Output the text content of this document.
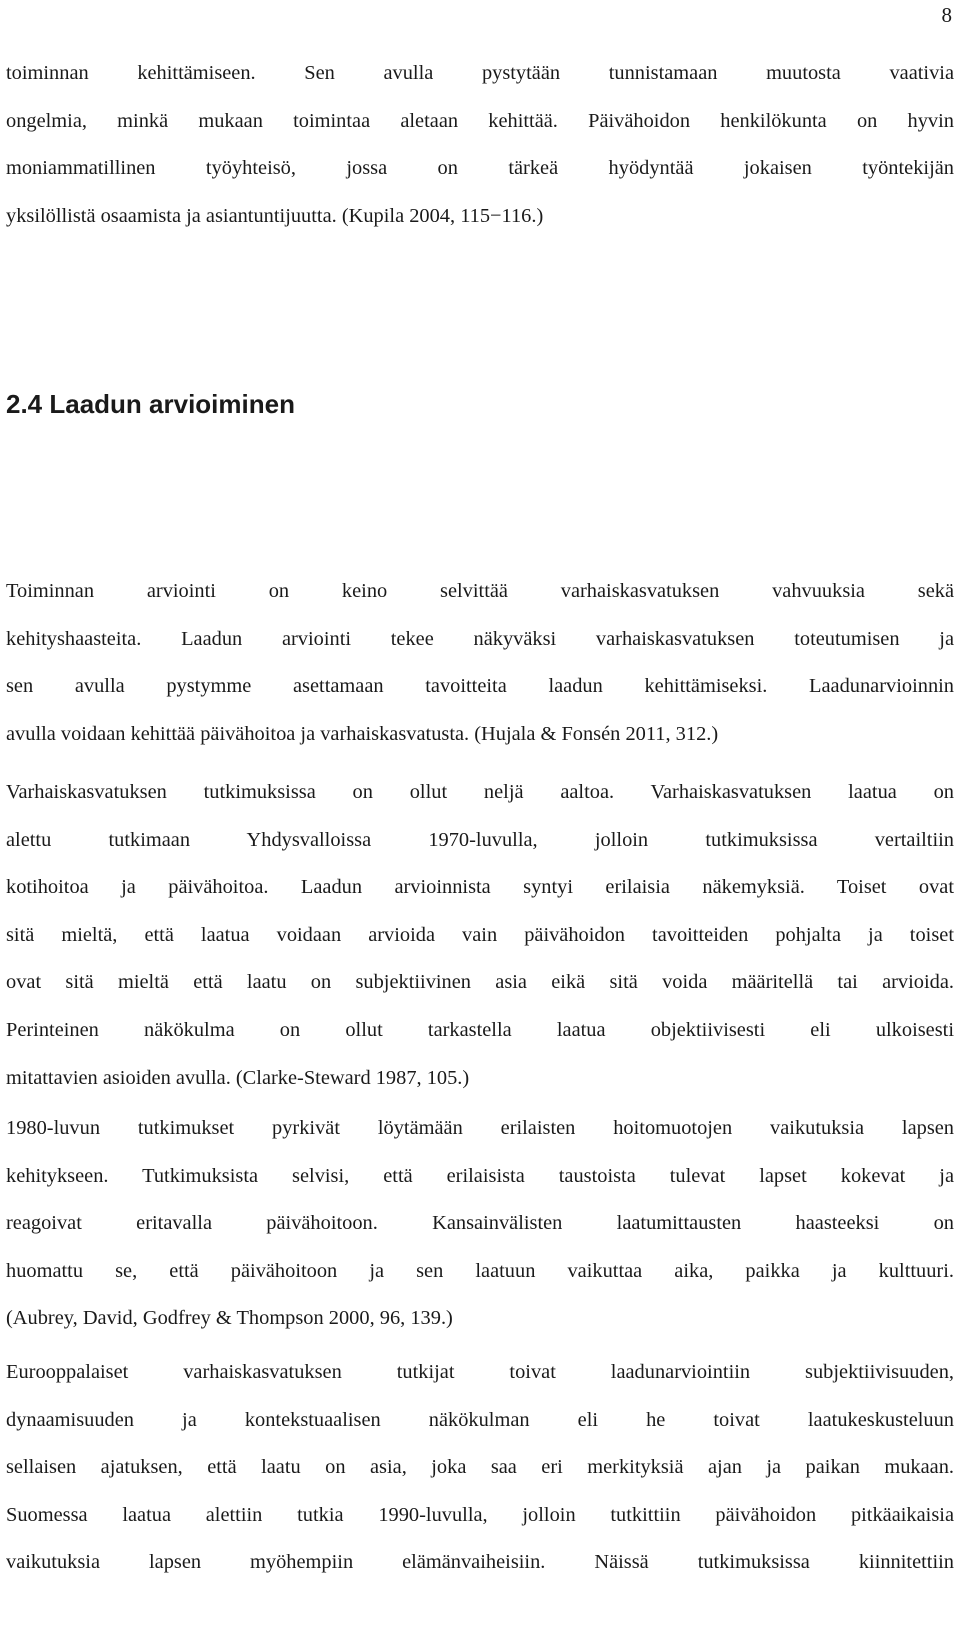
8
toiminnan kehittämiseen. Sen avulla pystytään tunnistamaan muutosta vaativia
ongelmia, minkä mukaan toimintaa aletaan kehittää. Päivähoidon henkilökunta on hyvin
moniammatillinen työyhteisö, jossa on tärkeä hyödyntää jokaisen työntekijän
yksilöllistä osaamista ja asiantuntijuutta. (Kupila 2004, 115−116.)
2.4 Laadun arvioiminen
Toiminnan arviointi on keino selvittää varhaiskasvatuksen vahvuuksia sekä
kehityshaasteita. Laadun arviointi tekee näkyväksi varhaiskasvatuksen toteutumisen ja
sen avulla pystymme asettamaan tavoitteita laadun kehittämiseksi. Laadunarvioinnin
avulla voidaan kehittää päivähoitoa ja varhaiskasvatusta. (Hujala & Fonsén 2011, 312.)
Varhaiskasvatuksen tutkimuksissa on ollut neljä aaltoa. Varhaiskasvatuksen laatua on
alettu tutkimaan Yhdysvalloissa 1970-luvulla, jolloin tutkimuksissa vertailtiin
kotihoitoa ja päivähoitoa. Laadun arvioinnista syntyi erilaisia näkemyksiä. Toiset ovat
sitä mieltä, että laatua voidaan arvioida vain päivähoidon tavoitteiden pohjalta ja toiset
ovat sitä mieltä että laatu on subjektiivinen asia eikä sitä voida määritellä tai arvioida.
Perinteinen näkökulma on ollut tarkastella laatua objektiivisesti eli ulkoisesti
mitattavien asioiden avulla. (Clarke-Steward 1987, 105.)
1980-luvun tutkimukset pyrkivät löytämään erilaisten hoitomuotojen vaikutuksia lapsen
kehitykseen. Tutkimuksista selvisi, että erilaisista taustoista tulevat lapset kokevat ja
reagoivat eritavalla päivähoitoon. Kansainvälisten laatumittausten haasteeksi on
huomattu se, että päivähoitoon ja sen laatuun vaikuttaa aika, paikka ja kulttuuri.
(Aubrey, David, Godfrey & Thompson 2000, 96, 139.)
Eurooppalaiset varhaiskasvatuksen tutkijat toivat laadunarviointiin subjektiivisuuden,
dynaamisuuden ja kontekstuaalisen näkökulman eli he toivat laatukeskusteluun
sellaisen ajatuksen, että laatu on asia, joka saa eri merkityksiä ajan ja paikan mukaan.
Suomessa laatua alettiin tutkia 1990-luvulla, jolloin tutkittiin päivähoidon pitkäaikaisia
vaikutuksia lapsen myöhempiin elämänvaiheisiin. Näissä tutkimuksissa kiinnitettiin
